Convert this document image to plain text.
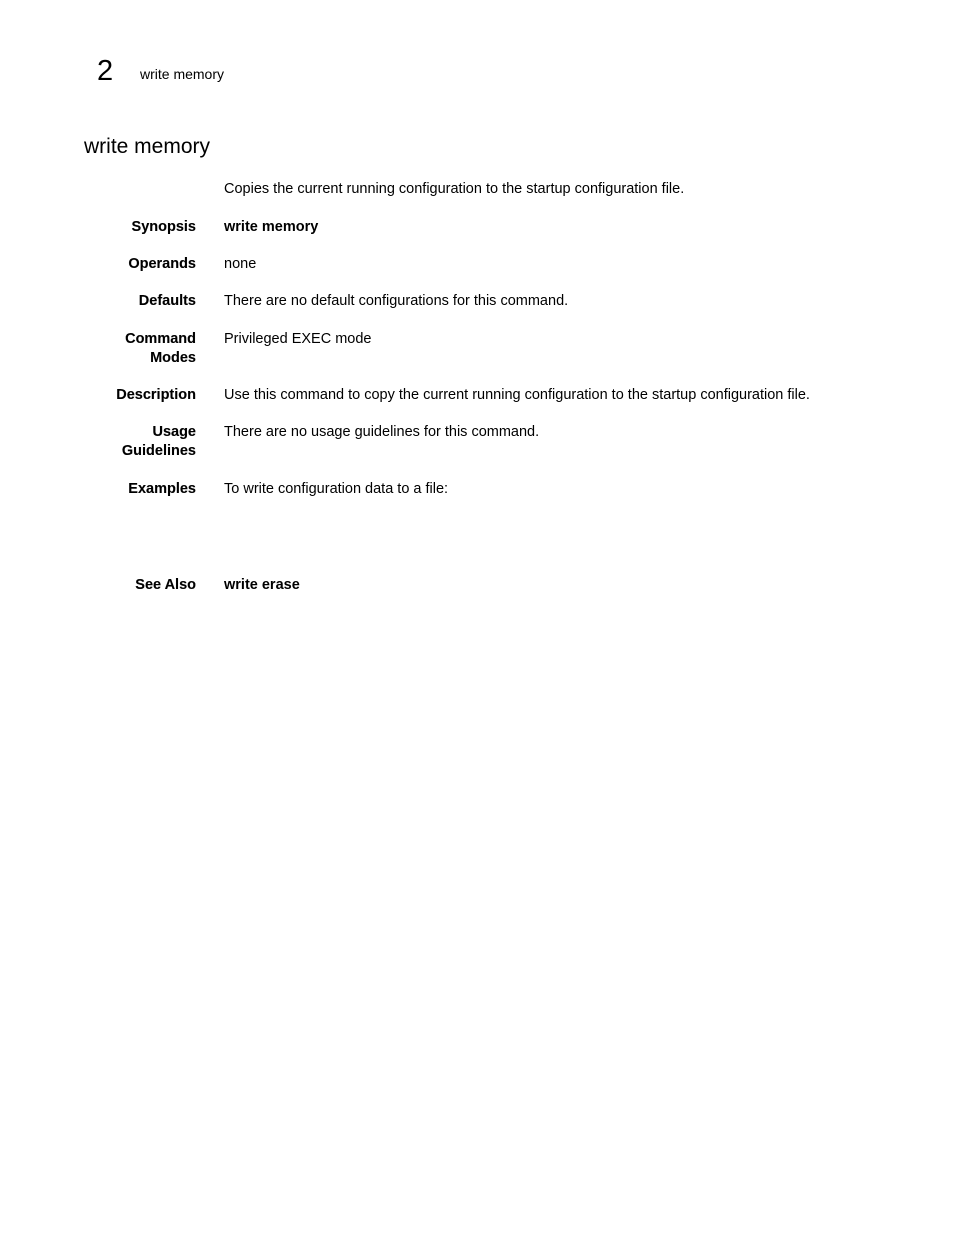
2 write memory
write memory
Copies the current running configuration to the startup configuration file.
Synopsis write memory
Operands none
Defaults There are no default configurations for this command.
Command
Modes
Privileged EXEC mode
Description Use this command to copy the current running configuration to the startup configuration file.
Usage
Guidelines
There are no usage guidelines for this command.
Examples To write configuration data to a file:
See Also write erase
